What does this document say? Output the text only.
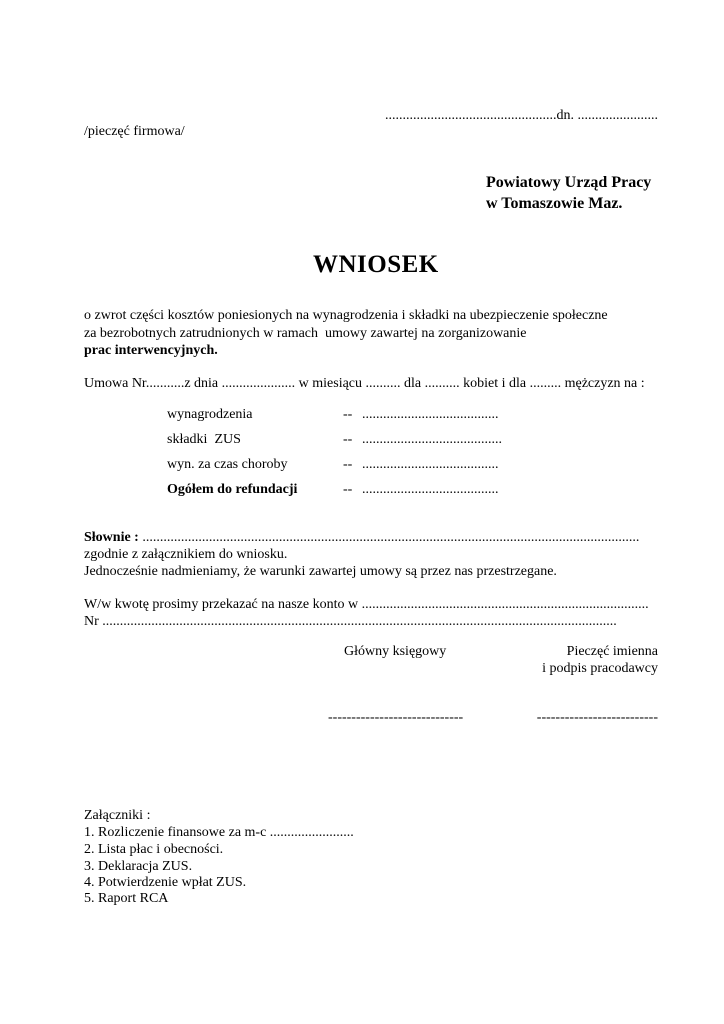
.................................................dn. .......................
/pieczęć firmowa/
Powiatowy Urząd Pracy
w Tomaszowie Maz.
WNIOSEK
o zwrot części kosztów poniesionych na wynagrodzenia i składki na ubezpieczenie społeczne
za bezrobotnych zatrudnionych w ramach  umowy zawartej na zorganizowanie
prac interwencyjnych.
Umowa Nr...........z dnia ..................... w miesiącu .......... dla .......... kobiet i dla ......... mężczyzn na :
wynagrodzenia	-- .......................................
składki  ZUS	-- ........................................
wyn. za czas choroby	-- .......................................
Ogółem do refundacji	-- .......................................
Słownie : ..............................................................................................................................................
zgodnie z załącznikiem do wniosku.
Jednocześnie nadmieniamy, że warunki zawartej umowy są przez nas przestrzegane.
W/w kwotę prosimy przekazać na nasze konto w ..................................................................................
Nr ...................................................................................................................................................
Główny księgowy	Pieczęć imienna
i podpis pracodawcy
-----------------------------	--------------------------
Załączniki :
1. Rozliczenie finansowe za m-c ........................
2. Lista płac i obecności.
3. Deklaracja ZUS.
4. Potwierdzenie wpłat ZUS.
5. Raport RCA
